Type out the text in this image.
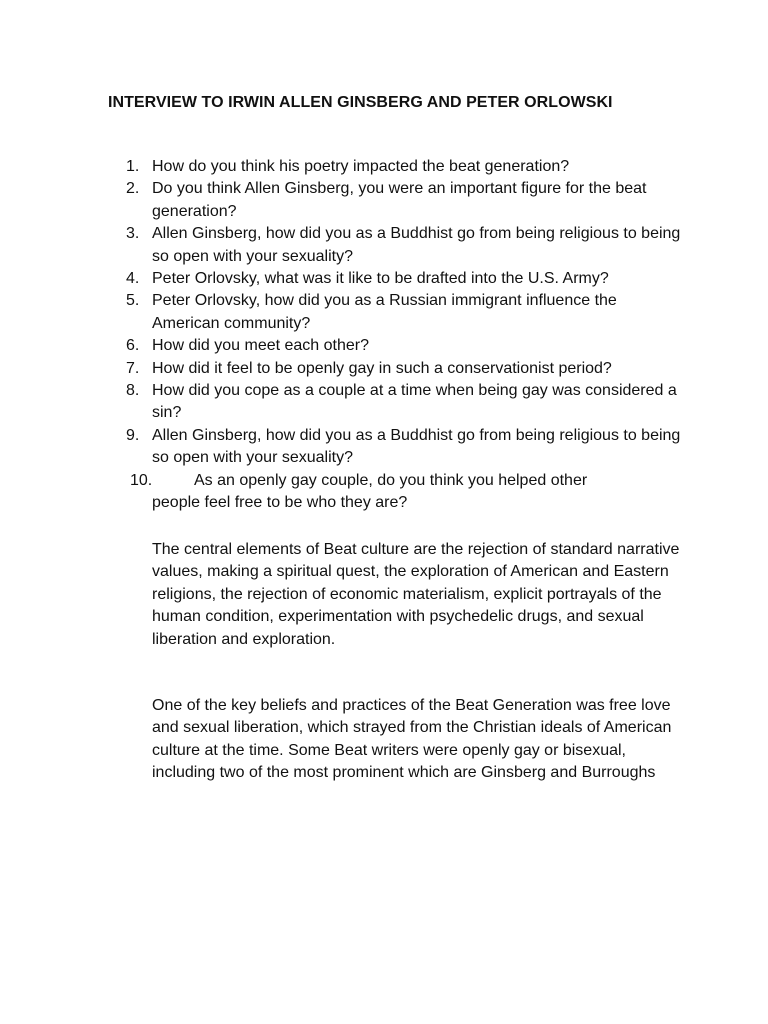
INTERVIEW TO IRWIN ALLEN GINSBERG AND PETER ORLOWSKI
1. How do you think his poetry impacted the beat generation?
2. Do you think Allen Ginsberg, you were an important figure for the beat generation?
3. Allen Ginsberg, how did you as a Buddhist go from being religious to being so open with your sexuality?
4. Peter Orlovsky, what was it like to be drafted into the U.S. Army?
5. Peter Orlovsky, how did you as a Russian immigrant influence the American community?
6. How did you meet each other?
7. How did it feel to be openly gay in such a conservationist period?
8. How did you cope as a couple at a time when being gay was considered a sin?
9. Allen Ginsberg, how did you as a Buddhist go from being religious to being so open with your sexuality?
10.	As an openly gay couple, do you think you helped other
people feel free to be who they are?

The central elements of Beat culture are the rejection of standard narrative values, making a spiritual quest, the exploration of American and Eastern religions, the rejection of economic materialism, explicit portrayals of the human condition, experimentation with psychedelic drugs, and sexual liberation and exploration.

One of the key beliefs and practices of the Beat Generation was free love and sexual liberation, which strayed from the Christian ideals of American culture at the time. Some Beat writers were openly gay or bisexual, including two of the most prominent which are Ginsberg and Burroughs
